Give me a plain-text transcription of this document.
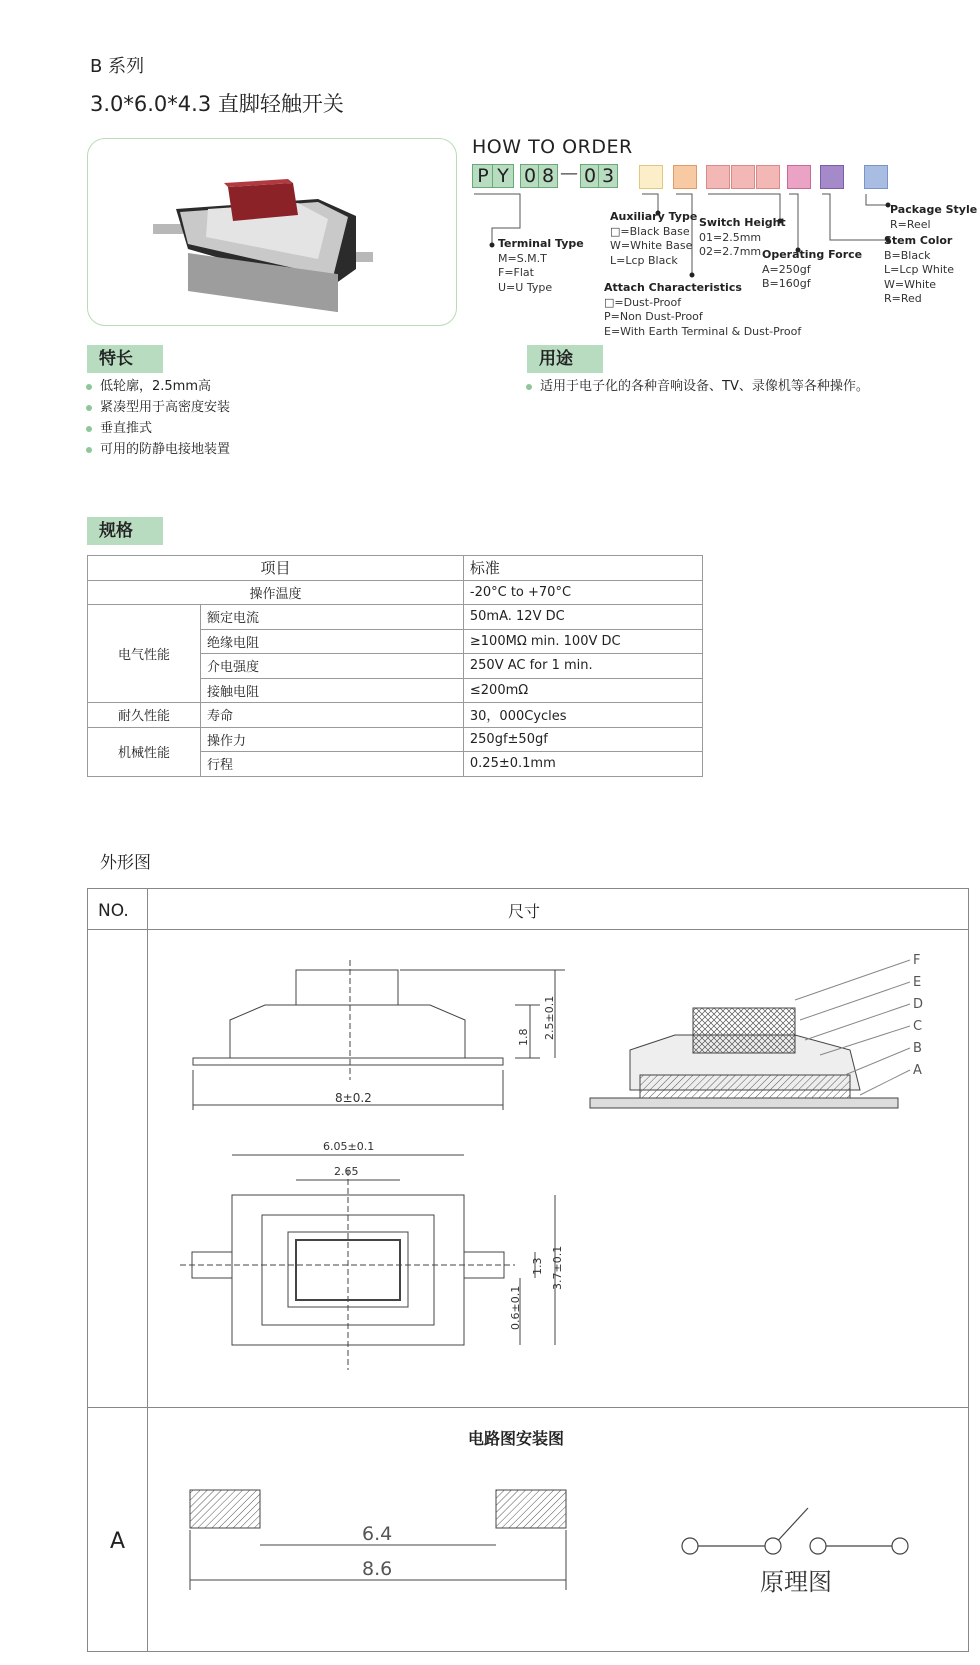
B 系列
3.0*6.0*4.3 直脚轻触开关
HOW TO ORDER
P Y 0 8 — 0 3
Terminal Type
M=S.M.T
F=Flat
U=U Type
Auxiliary Type
□=Black Base
W=White Base
L=Lcp Black
Attach Characteristics
□=Dust-Proof
P=Non Dust-Proof
E=With Earth Terminal & Dust-Proof
Switch Height
01=2.5mm
02=2.7mm Operating Force
A=250gf
B=160gf
Stem Color
B=Black
L=Lcp White
W=White
R=Red
Package Style
R=Reel
特长
低轮廓，2.5mm高
紧凑型用于高密度安装
垂直推式
可用的防静电接地装置
用途
适用于电子化的各种音响设备、TV、录像机等各种操作。
规格
项目		标准
操作温度		-20°C to +70°C
电气性能	额定电流	50mA. 12V DC
	绝缘电阻	≥100MΩ min. 100V DC
	介电强度	250V AC for 1 min.
	接触电阻	≤200mΩ
耐久性能	寿命	30，000Cycles
机械性能	操作力	250gf±50gf
	行程	0.25±0.1mm
外形图
NO.	尺寸
A
电路图安装图
8±0.2
1.8 2.5±0.1
6.05±0.1
2.65
1.3 3.7±0.1
0.6±0.1
F
E
D
C
B
A
6.4
8.6	原理图
